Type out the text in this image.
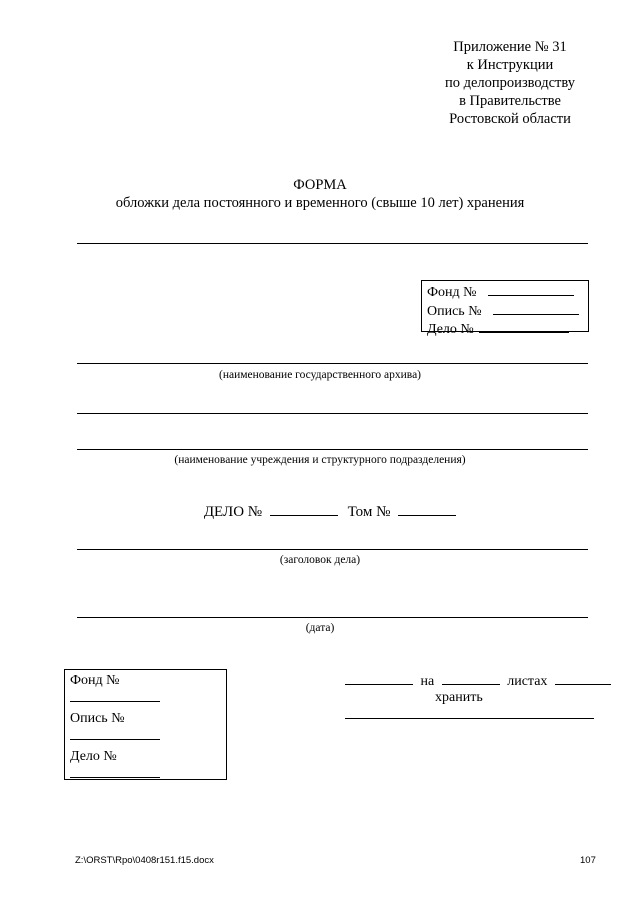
Приложение № 31
к Инструкции
по делопроизводству
в Правительстве
Ростовской области
ФОРМА
обложки дела постоянного и временного (свыше 10 лет) хранения
Фонд №
Опись №
Дело №
(наименование государственного архива)
(наименование учреждения и структурного подразделения)
ДЕЛО №	Том №
(заголовок дела)
(дата)
Фонд №
Опись №
Дело №
на	листах
хранить
Z:\ORST\Rpo\0408r151.f15.docx	107
